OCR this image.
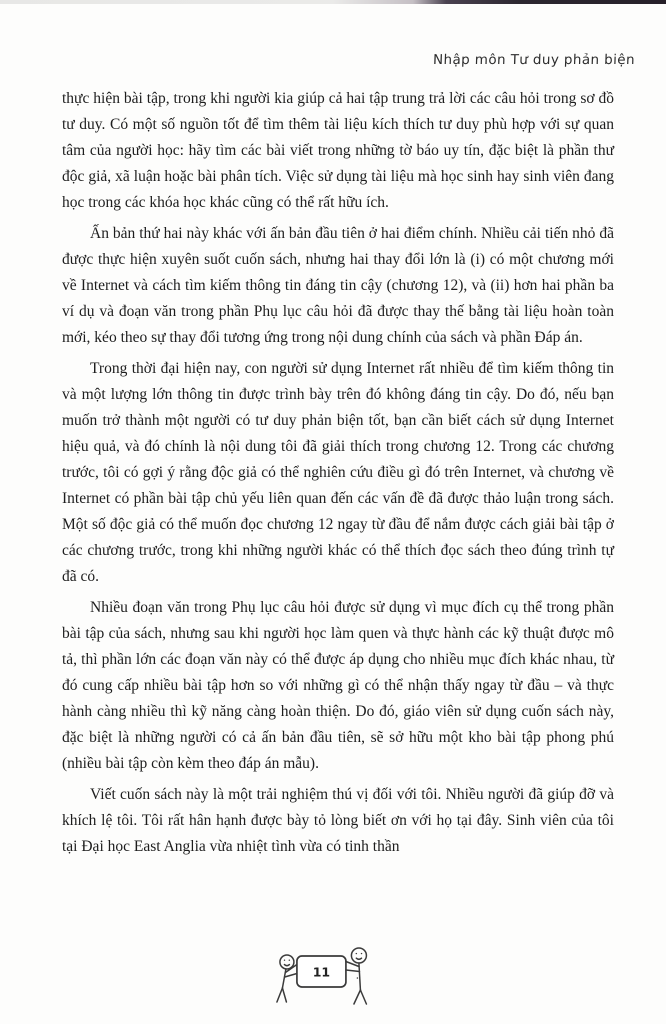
Nhập môn Tư duy phản biện

thực hiện bài tập, trong khi người kia giúp cả hai tập trung trả lời các câu hỏi trong sơ đồ tư duy. Có một số nguồn tốt để tìm thêm tài liệu kích thích tư duy phù hợp với sự quan tâm của người học: hãy tìm các bài viết trong những tờ báo uy tín, đặc biệt là phần thư độc giả, xã luận hoặc bài phân tích. Việc sử dụng tài liệu mà học sinh hay sinh viên đang học trong các khóa học khác cũng có thể rất hữu ích.

Ấn bản thứ hai này khác với ấn bản đầu tiên ở hai điểm chính. Nhiều cải tiến nhỏ đã được thực hiện xuyên suốt cuốn sách, nhưng hai thay đổi lớn là (i) có một chương mới về Internet và cách tìm kiếm thông tin đáng tin cậy (chương 12), và (ii) hơn hai phần ba ví dụ và đoạn văn trong phần Phụ lục câu hỏi đã được thay thế bằng tài liệu hoàn toàn mới, kéo theo sự thay đổi tương ứng trong nội dung chính của sách và phần Đáp án.

Trong thời đại hiện nay, con người sử dụng Internet rất nhiều để tìm kiếm thông tin và một lượng lớn thông tin được trình bày trên đó không đáng tin cậy. Do đó, nếu bạn muốn trở thành một người có tư duy phản biện tốt, bạn cần biết cách sử dụng Internet hiệu quả, và đó chính là nội dung tôi đã giải thích trong chương 12. Trong các chương trước, tôi có gợi ý rằng độc giả có thể nghiên cứu điều gì đó trên Internet, và chương về Internet có phần bài tập chủ yếu liên quan đến các vấn đề đã được thảo luận trong sách. Một số độc giả có thể muốn đọc chương 12 ngay từ đầu để nắm được cách giải bài tập ở các chương trước, trong khi những người khác có thể thích đọc sách theo đúng trình tự đã có.

Nhiều đoạn văn trong Phụ lục câu hỏi được sử dụng vì mục đích cụ thể trong phần bài tập của sách, nhưng sau khi người học làm quen và thực hành các kỹ thuật được mô tả, thì phần lớn các đoạn văn này có thể được áp dụng cho nhiều mục đích khác nhau, từ đó cung cấp nhiều bài tập hơn so với những gì có thể nhận thấy ngay từ đầu – và thực hành càng nhiều thì kỹ năng càng hoàn thiện. Do đó, giáo viên sử dụng cuốn sách này, đặc biệt là những người có cả ấn bản đầu tiên, sẽ sở hữu một kho bài tập phong phú (nhiều bài tập còn kèm theo đáp án mẫu).

Viết cuốn sách này là một trải nghiệm thú vị đối với tôi. Nhiều người đã giúp đỡ và khích lệ tôi. Tôi rất hân hạnh được bày tỏ lòng biết ơn với họ tại đây. Sinh viên của tôi tại Đại học East Anglia vừa nhiệt tình vừa có tinh thần

11
